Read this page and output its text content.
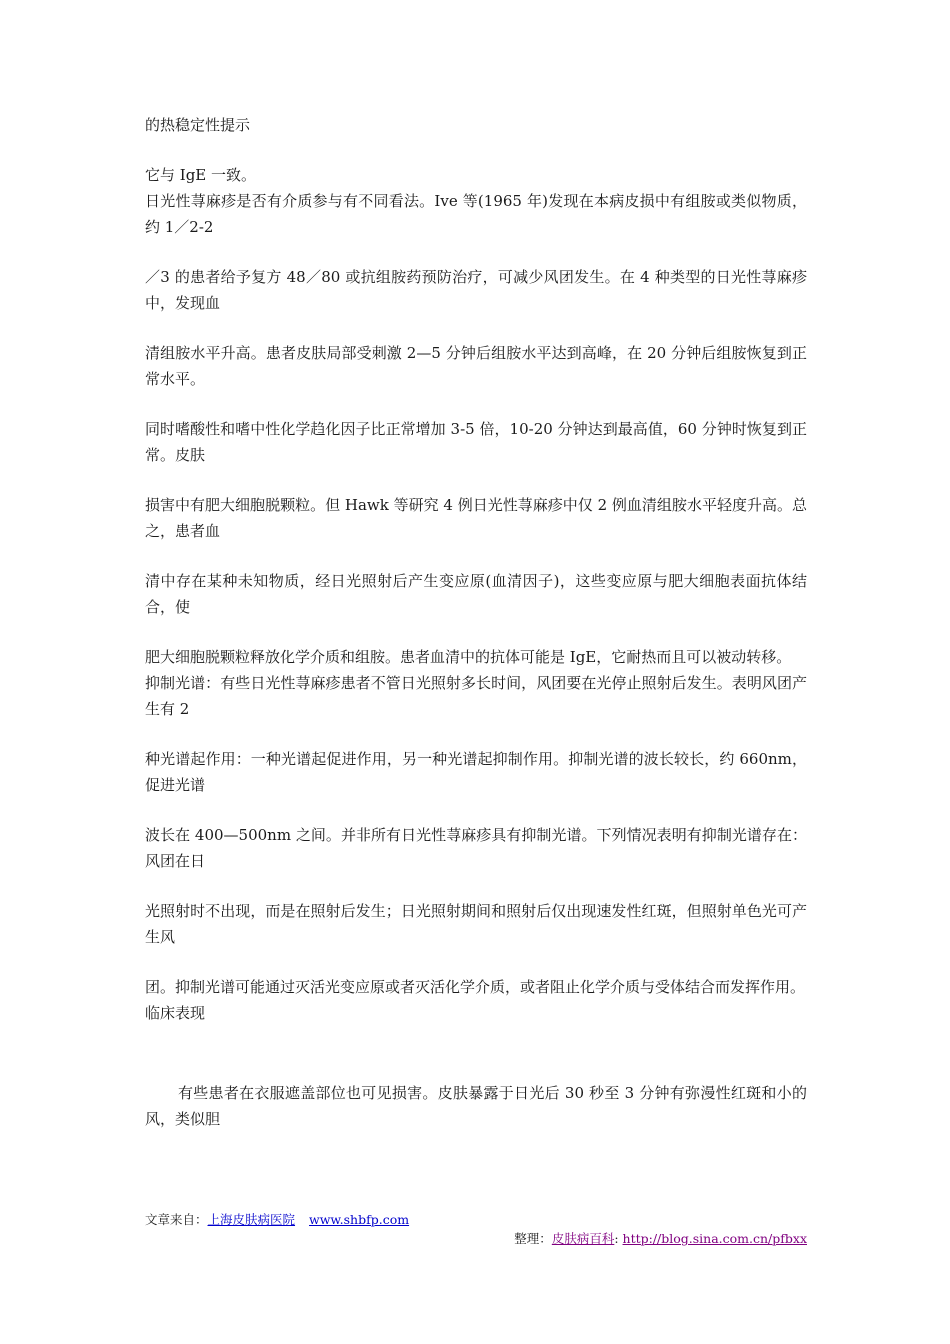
的热稳定性提示

它与 IgE 一致。

日光性荨麻疹是否有介质参与有不同看法。Ive 等(1965 年)发现在本病皮损中有组胺或类似物质，约 1／2-2

／3 的患者给予复方 48／80 或抗组胺药预防治疗，可减少风团发生。在 4 种类型的日光性荨麻疹中，发现血

清组胺水平升高。患者皮肤局部受刺激 2—5 分钟后组胺水平达到高峰，在 20 分钟后组胺恢复到正常水平。

同时嗜酸性和嗜中性化学趋化因子比正常增加 3-5 倍，10-20 分钟达到最高值，60 分钟时恢复到正常。皮肤

损害中有肥大细胞脱颗粒。但 Hawk 等研究 4 例日光性荨麻疹中仅 2 例血清组胺水平轻度升高。总之，患者血

清中存在某种未知物质，经日光照射后产生变应原(血清因子)，这些变应原与肥大细胞表面抗体结合，使

肥大细胞脱颗粒释放化学介质和组胺。患者血清中的抗体可能是 IgE，它耐热而且可以被动转移。

抑制光谱：有些日光性荨麻疹患者不管日光照射多长时间，风团要在光停止照射后发生。表明风团产生有 2

种光谱起作用：一种光谱起促进作用，另一种光谱起抑制作用。抑制光谱的波长较长，约 660nm，促进光谱

波长在 400—500nm 之间。并非所有日光性荨麻疹具有抑制光谱。下列情况表明有抑制光谱存在：风团在日

光照射时不出现，而是在照射后发生；日光照射期间和照射后仅出现速发性红斑，但照射单色光可产生风

团。抑制光谱可能通过灭活光变应原或者灭活化学介质，或者阻止化学介质与受体结合而发挥作用。

临床表现

有些患者在衣服遮盖部位也可见损害。皮肤暴露于日光后 30 秒至 3 分钟有弥漫性红斑和小的风，类似胆

文章来自：上海皮肤病医院 www.shbfp.com
整理：皮肤病百科: http://blog.sina.com.cn/pfbxx
